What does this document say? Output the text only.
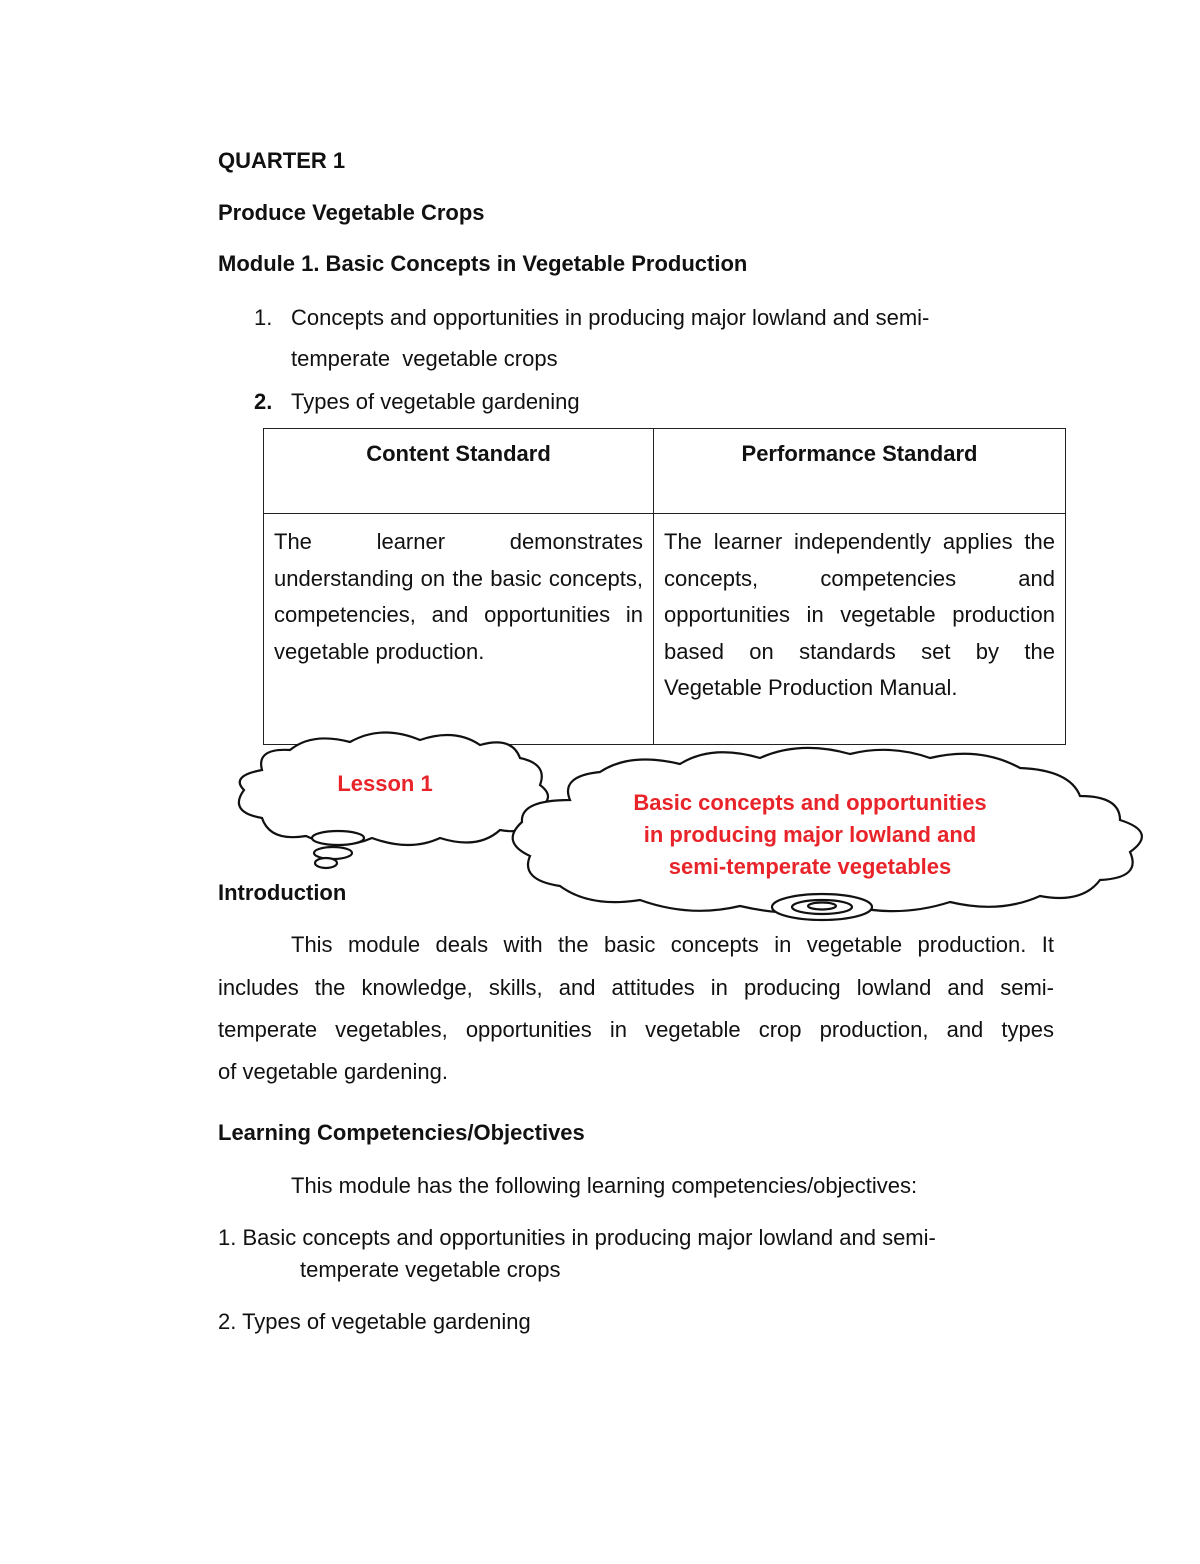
QUARTER 1
Produce Vegetable Crops
Module 1. Basic Concepts in Vegetable Production
1. Concepts and opportunities in producing major lowland and semi-
temperate  vegetable crops
2. Types of vegetable gardening
Content Standard	Performance Standard
The learner demonstrates understanding on the basic concepts, competencies, and opportunities in vegetable production.	The learner independently applies the concepts, competencies and opportunities in vegetable production based on standards set by the Vegetable Production Manual.
Lesson 1
Basic concepts and opportunities
in producing major lowland and
semi-temperate vegetables
Introduction
This module deals with the basic concepts in vegetable production. It
includes the knowledge, skills, and attitudes in producing lowland and semi-
temperate vegetables, opportunities in vegetable crop production, and types
of vegetable gardening.
Learning Competencies/Objectives
This module has the following learning competencies/objectives:
1. Basic concepts and opportunities in producing major lowland and semi-
temperate vegetable crops
2. Types of vegetable gardening
